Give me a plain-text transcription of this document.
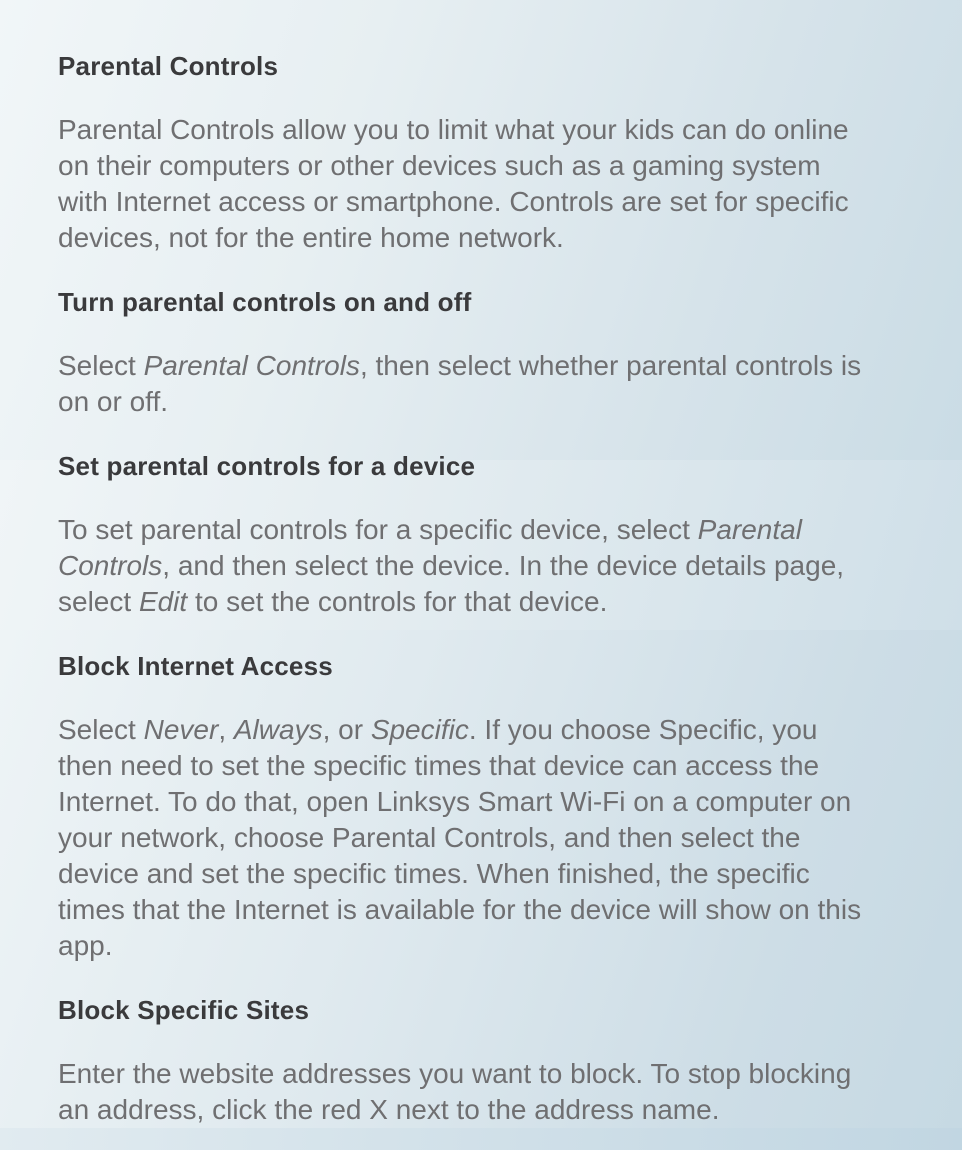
Parental Controls

Parental Controls allow you to limit what your kids can do online
on their computers or other devices such as a gaming system
with Internet access or smartphone. Controls are set for specific
devices, not for the entire home network.

Turn parental controls on and off

Select Parental Controls, then select whether parental controls is
on or off.

Set parental controls for a device

To set parental controls for a specific device, select Parental
Controls, and then select the device. In the device details page,
select Edit to set the controls for that device.

Block Internet Access

Select Never, Always, or Specific. If you choose Specific, you
then need to set the specific times that device can access the
Internet. To do that, open Linksys Smart Wi-Fi on a computer on
your network, choose Parental Controls, and then select the
device and set the specific times. When finished, the specific
times that the Internet is available for the device will show on this
app.

Block Specific Sites

Enter the website addresses you want to block. To stop blocking
an address, click the red X next to the address name.
